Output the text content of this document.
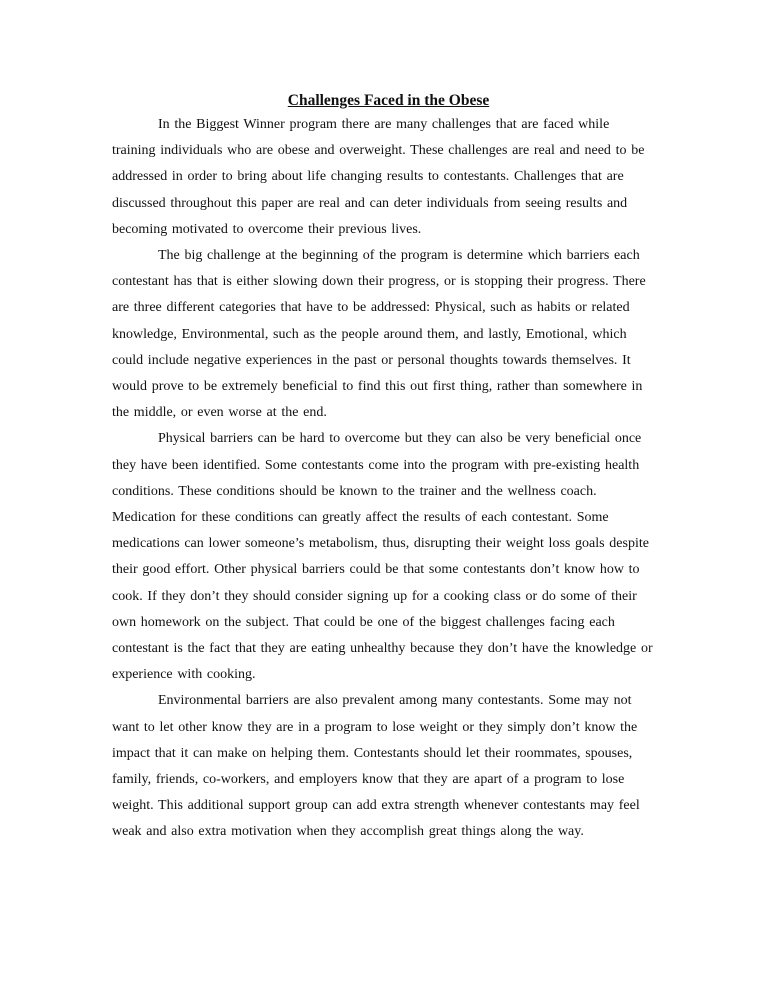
Challenges Faced in the Obese

In the Biggest Winner program there are many challenges that are faced while training individuals who are obese and overweight. These challenges are real and need to be addressed in order to bring about life changing results to contestants. Challenges that are discussed throughout this paper are real and can deter individuals from seeing results and becoming motivated to overcome their previous lives.

The big challenge at the beginning of the program is determine which barriers each contestant has that is either slowing down their progress, or is stopping their progress. There are three different categories that have to be addressed: Physical, such as habits or related knowledge, Environmental, such as the people around them, and lastly, Emotional, which could include negative experiences in the past or personal thoughts towards themselves. It would prove to be extremely beneficial to find this out first thing, rather than somewhere in the middle, or even worse at the end.

Physical barriers can be hard to overcome but they can also be very beneficial once they have been identified. Some contestants come into the program with pre-existing health conditions. These conditions should be known to the trainer and the wellness coach. Medication for these conditions can greatly affect the results of each contestant. Some medications can lower someone’s metabolism, thus, disrupting their weight loss goals despite their good effort. Other physical barriers could be that some contestants don’t know how to cook. If they don’t they should consider signing up for a cooking class or do some of their own homework on the subject. That could be one of the biggest challenges facing each contestant is the fact that they are eating unhealthy because they don’t have the knowledge or experience with cooking.

Environmental barriers are also prevalent among many contestants. Some may not want to let other know they are in a program to lose weight or they simply don’t know the impact that it can make on helping them. Contestants should let their roommates, spouses, family, friends, co-workers, and employers know that they are apart of a program to lose weight. This additional support group can add extra strength whenever contestants may feel weak and also extra motivation when they accomplish great things along the way.
